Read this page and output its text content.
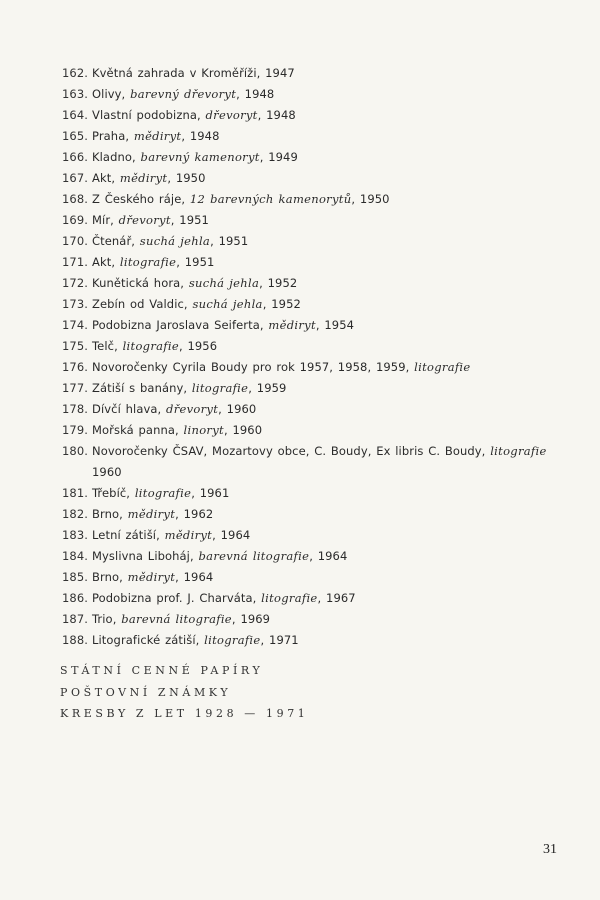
162. Květná zahrada v Kroměříži, 1947
163. Olivy, barevný dřevoryt, 1948
164. Vlastní podobizna, dřevoryt, 1948
165. Praha, mědiryt, 1948
166. Kladno, barevný kamenoryt, 1949
167. Akt, mědiryt, 1950
168. Z Českého ráje, 12 barevných kamenorytů, 1950
169. Mír, dřevoryt, 1951
170. Čtenář, suchá jehla, 1951
171. Akt, litografie, 1951
172. Kunětická hora, suchá jehla, 1952
173. Zebín od Valdic, suchá jehla, 1952
174. Podobizna Jaroslava Seiferta, mědiryt, 1954
175. Telč, litografie, 1956
176. Novoročenky Cyrila Boudy pro rok 1957, 1958, 1959, litografie
177. Zátiší s banány, litografie, 1959
178. Dívčí hlava, dřevoryt, 1960
179. Mořská panna, linoryt, 1960
180. Novoročenky ČSAV, Mozartovy obce, C. Boudy, Ex libris C. Boudy, litografie
1960
181. Třebíč, litografie, 1961
182. Brno, mědiryt, 1962
183. Letní zátiší, mědiryt, 1964
184. Myslivna Liboháj, barevná litografie, 1964
185. Brno, mědiryt, 1964
186. Podobizna prof. J. Charváta, litografie, 1967
187. Trio, barevná litografie, 1969
188. Litografické zátiší, litografie, 1971
STÁTNÍ CENNÉ PAPÍRY
POŠTOVNÍ ZNÁMKY
KRESBY Z LET 1928 — 1971
31
